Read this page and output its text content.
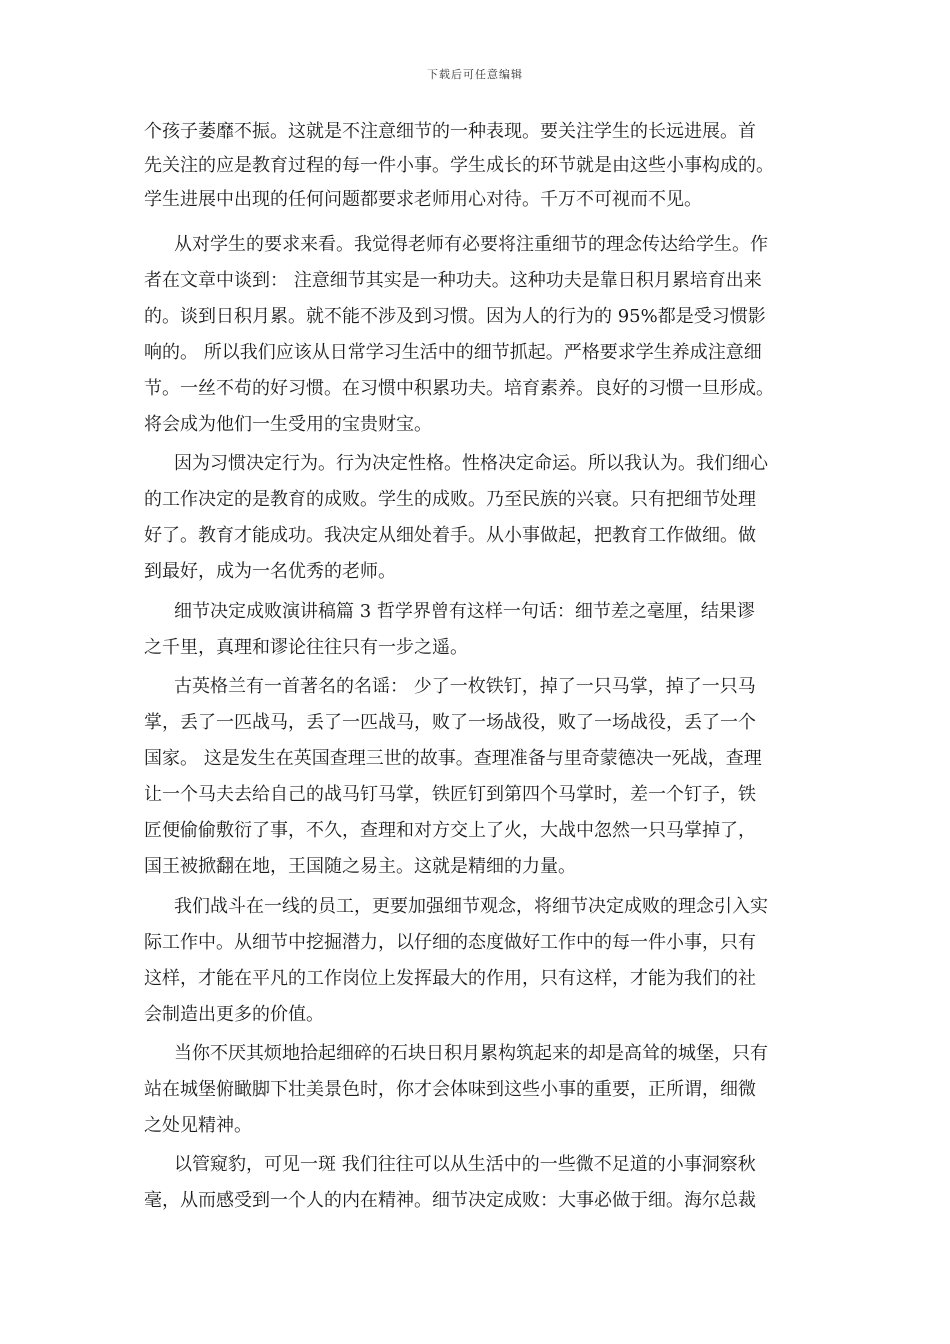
下载后可任意编辑
个孩子萎靡不振。这就是不注意细节的一种表现。要关注学生的长远进展。首
先关注的应是教育过程的每一件小事。学生成长的环节就是由这些小事构成的。
学生进展中出现的任何问题都要求老师用心对待。千万不可视而不见。
从对学生的要求来看。我觉得老师有必要将注重细节的理念传达给学生。作
者在文章中谈到： 注意细节其实是一种功夫。这种功夫是靠日积月累培育出来
的。谈到日积月累。就不能不涉及到习惯。因为人的行为的 95%都是受习惯影
响的。 所以我们应该从日常学习生活中的细节抓起。严格要求学生养成注意细
节。一丝不苟的好习惯。在习惯中积累功夫。培育素养。良好的习惯一旦形成。
将会成为他们一生受用的宝贵财宝。
因为习惯决定行为。行为决定性格。性格决定命运。所以我认为。我们细心
的工作决定的是教育的成败。学生的成败。乃至民族的兴衰。只有把细节处理
好了。教育才能成功。我决定从细处着手。从小事做起，把教育工作做细。做
到最好，成为一名优秀的老师。
细节决定成败演讲稿篇 3 哲学界曾有这样一句话：细节差之毫厘，结果谬
之千里，真理和谬论往往只有一步之遥。
古英格兰有一首著名的名谣： 少了一枚铁钉，掉了一只马掌，掉了一只马
掌，丢了一匹战马，丢了一匹战马，败了一场战役，败了一场战役，丢了一个
国家。 这是发生在英国查理三世的故事。查理准备与里奇蒙德决一死战，查理
让一个马夫去给自己的战马钉马掌，铁匠钉到第四个马掌时，差一个钉子，铁
匠便偷偷敷衍了事，不久，查理和对方交上了火，大战中忽然一只马掌掉了，
国王被掀翻在地，王国随之易主。这就是精细的力量。
我们战斗在一线的员工，更要加强细节观念，将细节决定成败的理念引入实
际工作中。从细节中挖掘潜力，以仔细的态度做好工作中的每一件小事，只有
这样，才能在平凡的工作岗位上发挥最大的作用，只有这样，才能为我们的社
会制造出更多的价值。
当你不厌其烦地拾起细碎的石块日积月累构筑起来的却是高耸的城堡，只有
站在城堡俯瞰脚下壮美景色时，你才会体味到这些小事的重要，正所谓，细微
之处见精神。
以管窥豹，可见一斑 我们往往可以从生活中的一些微不足道的小事洞察秋
毫，从而感受到一个人的内在精神。细节决定成败：大事必做于细。海尔总裁
